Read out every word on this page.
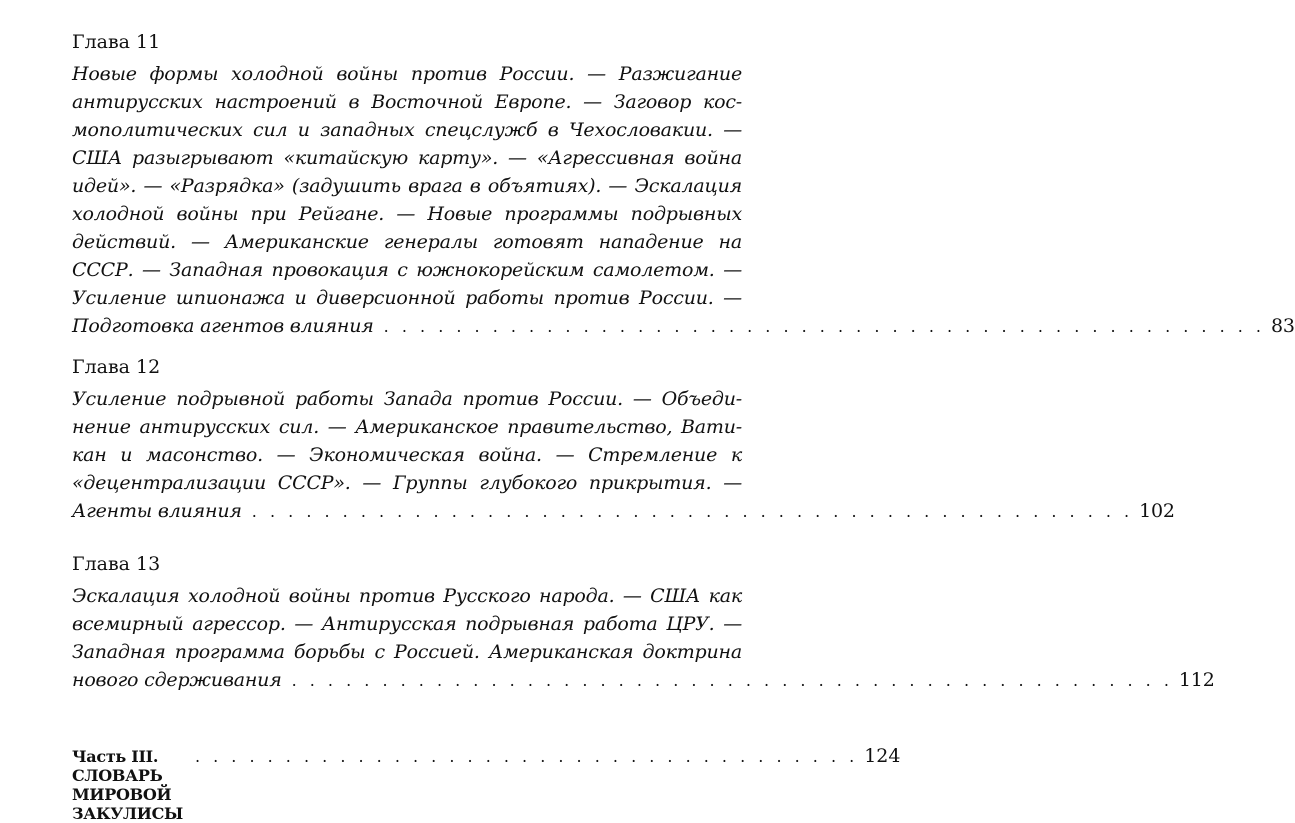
Глава 11
Новые формы холодной войны против России. — Разжигание
антирусских настроений в Восточной Европе. — Заговор кос-
мополитических сил и западных спецслужб в Чехословакии. —
США разыгрывают «китайскую карту». — «Агрессивная война
идей». — «Разрядка» (задушить врага в объятиях). — Эскалация
холодной войны при Рейгане. — Новые программы подрывных
действий. — Американские генералы готовят нападение на
СССР. — Западная провокация с южнокорейским самолетом. —
Усиление шпионажа и диверсионной работы против России. —
Подготовка агентов влияния . . . . . . . . . . . . . . . . . . . . . . . . . . . . . . . . . . . . . . . . . . . . . . . . . 83
Глава 12
Усиление подрывной работы Запада против России. — Объеди-
нение антирусских сил. — Американское правительство, Вати-
кан и масонство. — Экономическая война. — Стремление к
«децентрализации СССР». — Группы глубокого прикрытия. —
Агенты влияния . . . . . . . . . . . . . . . . . . . . . . . . . . . . . . . . . . . . . . . . . . . . . . . . . 102
Глава 13
Эскалация холодной войны против Русского народа. — США как
всемирный агрессор. — Антирусская подрывная работа ЦРУ. —
Западная программа борьбы с Россией. Американская доктрина
нового сдерживания . . . . . . . . . . . . . . . . . . . . . . . . . . . . . . . . . . . . . . . . . . . . . . . . . 112
Часть III. СЛОВАРЬ МИРОВОЙ ЗАКУЛИСЫ
. . . . . . . . . . . . . . . . . . . . . . . . . . . . . . . . . . . . . 124
